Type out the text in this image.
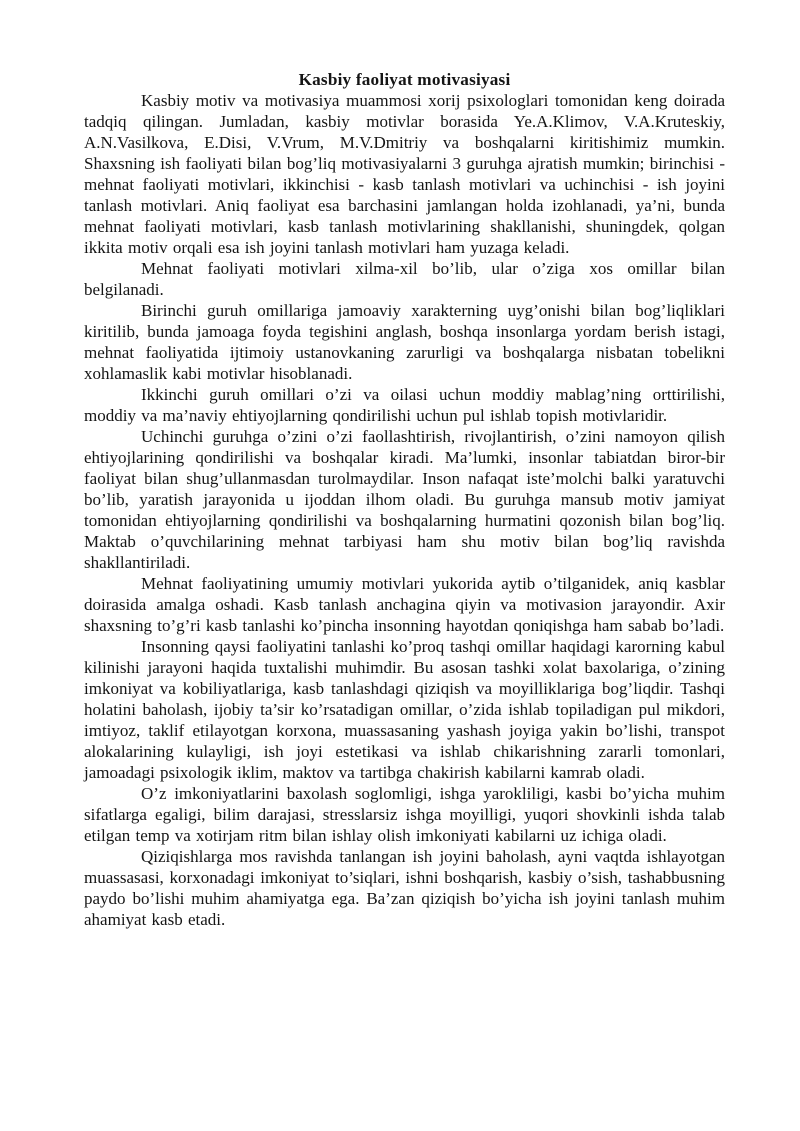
Kasbiy faoliyat motivasiyasi

Kasbiy motiv va motivasiya muammosi xorij psixologlari tomonidan keng doirada tadqiq qilingan. Jumladan, kasbiy motivlar borasida Ye.A.Klimov, V.A.Kruteskiy, A.N.Vasilkova, E.Disi, V.Vrum, M.V.Dmitriy va boshqalarni kiritishimiz mumkin. Shaxsning ish faoliyati bilan bog’liq motivasiyalarni 3 guruhga ajratish mumkin; birinchisi - mehnat faoliyati motivlari, ikkinchisi - kasb tanlash motivlari va uchinchisi - ish joyini tanlash motivlari. Aniq faoliyat esa barchasini jamlangan holda izohlanadi, ya’ni, bunda mehnat faoliyati motivlari, kasb tanlash motivlarining shakllanishi, shuningdek, qolgan ikkita motiv orqali esa ish joyini tanlash motivlari ham yuzaga keladi.

Mehnat faoliyati motivlari xilma-xil bo’lib, ular o’ziga xos omillar bilan belgilanadi.

Birinchi guruh omillariga jamoaviy xarakterning uyg’onishi bilan bog’liqliklari kiritilib, bunda jamoaga foyda tegishini anglash, boshqa insonlarga yordam berish istagi, mehnat faoliyatida ijtimoiy ustanovkaning zarurligi va boshqalarga nisbatan tobelikni xohlamaslik kabi motivlar hisoblanadi.

Ikkinchi guruh omillari o’zi va oilasi uchun moddiy mablag’ning orttirilishi, moddiy va ma’naviy ehtiyojlarning qondirilishi uchun pul ishlab topish motivlaridir.

Uchinchi guruhga o’zini o’zi faollashtirish, rivojlantirish, o’zini namoyon qilish ehtiyojlarining qondirilishi va boshqalar kiradi. Ma’lumki, insonlar tabiatdan biror-bir faoliyat bilan shug’ullanmasdan turolmaydilar. Inson nafaqat iste’molchi balki yaratuvchi bo’lib, yaratish jarayonida u ijoddan ilhom oladi. Bu guruhga mansub motiv jamiyat tomonidan ehtiyojlarning qondirilishi va boshqalarning hurmatini qozonish bilan bog’liq. Maktab o’quvchilarining mehnat tarbiyasi ham shu motiv bilan bog’liq ravishda shakllantiriladi.

Mehnat faoliyatining umumiy motivlari yukorida aytib o’tilganidek, aniq kasblar doirasida amalga oshadi. Kasb tanlash anchagina qiyin va motivasion jarayondir. Axir shaxsning to’g’ri kasb tanlashi ko’pincha insonning hayotdan qoniqishga ham sabab bo’ladi.

Insonning qaysi faoliyatini tanlashi ko’proq tashqi omillar haqidagi karorning kabul kilinishi jarayoni haqida tuxtalishi muhimdir. Bu asosan tashki xolat baxolariga, o’zining imkoniyat va kobiliyatlariga, kasb tanlashdagi qiziqish va moyilliklariga bog’liqdir. Tashqi holatini baholash, ijobiy ta’sir ko’rsatadigan omillar, o’zida ishlab topiladigan pul mikdori, imtiyoz, taklif etilayotgan korxona, muassasaning yashash joyiga yakin bo’lishi, transpot alokalarining kulayligi, ish joyi estetikasi va ishlab chikarishning zararli tomonlari, jamoadagi psixologik iklim, maktov va tartibga chakirish kabilarni kamrab oladi.

O’z imkoniyatlarini baxolash soglomligi, ishga yarokliligi, kasbi bo’yicha muhim sifatlarga egaligi, bilim darajasi, stresslarsiz ishga moyilligi, yuqori shovkinli ishda talab etilgan temp va xotirjam ritm bilan ishlay olish imkoniyati kabilarni uz ichiga oladi.

Qiziqishlarga mos ravishda tanlangan ish joyini baholash, ayni vaqtda ishlayotgan muassasasi, korxonadagi imkoniyat to’siqlari, ishni boshqarish, kasbiy o’sish, tashabbusning paydo bo’lishi muhim ahamiyatga ega. Ba’zan qiziqish bo’yicha ish joyini tanlash muhim ahamiyat kasb etadi.
